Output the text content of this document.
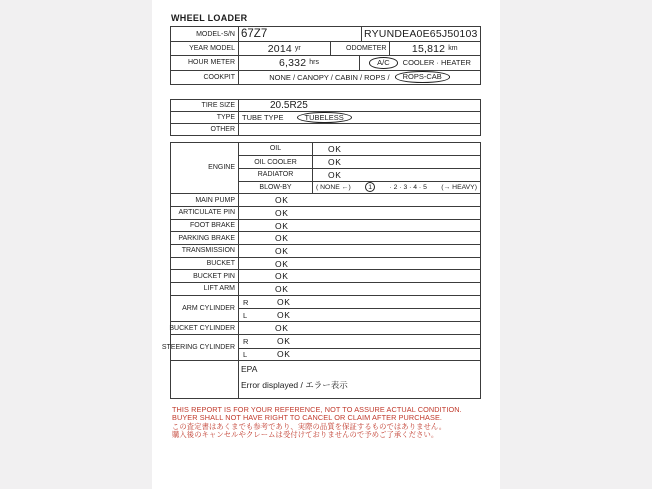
WHEEL LOADER
MODEL-S/N 67Z7	RYUNDEA0E65J50103
YEAR MODEL	2014 yr	ODOMETER 15,812 km
HOUR METER	6,332 hrs	A/C	COOLER · HEATER
COOKPIT	NONE / CANOPY / CABIN / ROPS /	ROPS-CAB
TIRE SIZE	20.5R25
TYPE TUBE TYPE	TUBELESS
OTHER
ENGINE
OIL	OK
OIL COOLER	OK
RADIATOR	OK
BLOW-BY	( NONE ←)	1	· 2 · 3 · 4 · 5 (→ HEAVY)
MAIN PUMP	OK
ARTICULATE PIN	OK
FOOT BRAKE	OK
PARKING BRAKE	OK
TRANSMISSION	OK
BUCKET	OK
BUCKET PIN	OK
LIFT ARM	OK
ARM CYLINDER
R	OK
L	OK
BUCKET CYLINDER	OK
STEERING CYLINDER
R	OK
L	OK
EPA
Error displayed / エラー表示
THIS REPORT IS FOR YOUR REFERENCE, NOT TO ASSURE ACTUAL CONDITION.
BUYER SHALL NOT HAVE RIGHT TO CANCEL OR CLAIM AFTER PURCHASE.
この査定書はあくまでも参考であり、実際の品質を保証するものではありません。
購入後のキャンセルやクレームは受付けておりませんので予めご了承ください。
